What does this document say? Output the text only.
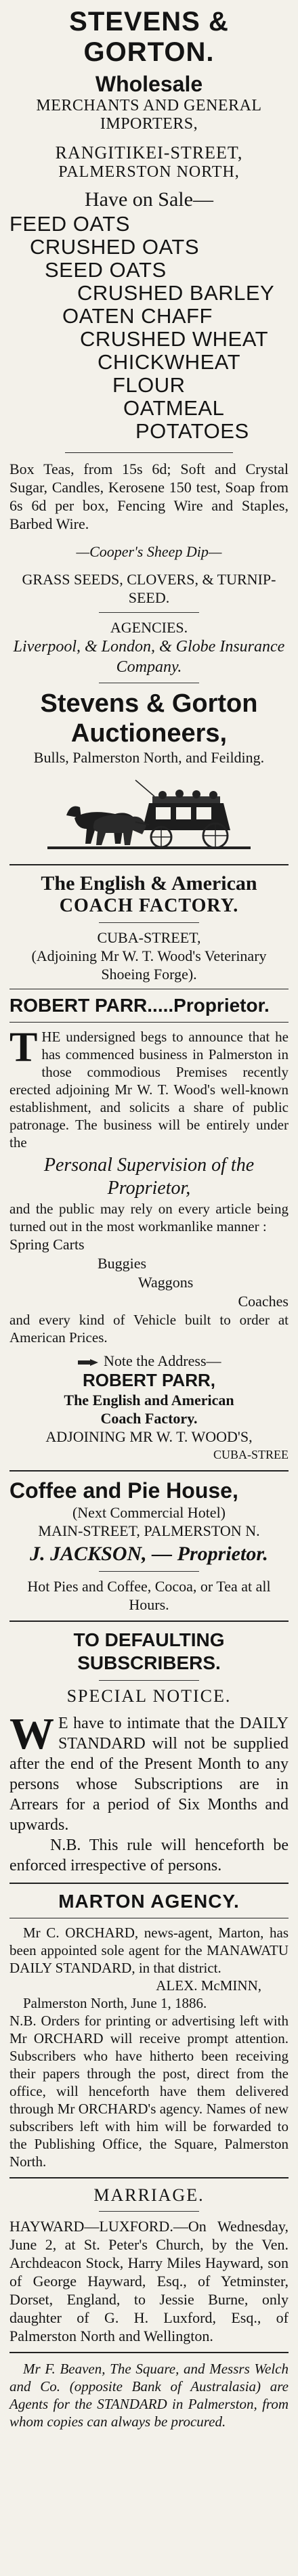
STEVENS & GORTON.
Wholesale
MERCHANTS AND GENERAL
IMPORTERS,
RANGITIKEI-STREET,
PALMERSTON NORTH,
Have on Sale—
FEED OATS
CRUSHED OATS
SEED OATS
CRUSHED BARLEY
OATEN CHAFF
CRUSHED WHEAT
CHICKWHEAT
FLOUR
OATMEAL
POTATOES
Box Teas, from 15s 6d; Soft and Crystal Sugar, Candles, Kerosene 150 test, Soap from 6s 6d per box, Fencing Wire and Staples, Barbed Wire.
—Cooper's Sheep Dip—
GRASS SEEDS, CLOVERS, & TURNIP-SEED.
AGENCIES.
Liverpool, & London, & Globe Insurance Company.
Stevens & Gorton
Auctioneers,
Bulls, Palmerston North, and Feilding.
The English & American
COACH FACTORY.
CUBA-STREET,
(Adjoining Mr W. T. Wood's Veterinary Shoeing Forge).
ROBERT PARR.....Proprietor.
T HE undersigned begs to announce that he has commenced business in Palmerston in those commodious Premises recently erected adjoining Mr W. T. Wood's well-known establishment, and solicits a share of public patronage. The business will be entirely under the
Personal Supervision of the
Proprietor,
and the public may rely on every article being turned out in the most workmanlike manner :
Spring Carts
Buggies
Waggons
Coaches
and every kind of Vehicle built to order at American Prices.
Note the Address—
ROBERT PARR,
The English and American
Coach Factory.
ADJOINING MR W. T. WOOD'S,
CUBA-STREE
Coffee and Pie House,
(Next Commercial Hotel)
MAIN-STREET, PALMERSTON N.
J. JACKSON, — Proprietor.
Hot Pies and Coffee, Cocoa, or Tea at all Hours.
TO DEFAULTING SUBSCRIBERS.
SPECIAL NOTICE.
W E have to intimate that the DAILY STANDARD will not be supplied after the end of the Present Month to any persons whose Subscriptions are in Arrears for a period of Six Months and upwards.
N.B. This rule will henceforth be enforced irrespective of persons.
MARTON AGENCY.
Mr C. ORCHARD, news-agent, Marton, has been appointed sole agent for the MANAWATU DAILY STANDARD, in that district.
ALEX. McMINN,
Palmerston North, June 1, 1886.
N.B. Orders for printing or advertising left with Mr ORCHARD will receive prompt attention. Subscribers who have hitherto been receiving their papers through the post, direct from the office, will henceforth have them delivered through Mr ORCHARD's agency. Names of new subscribers left with him will be forwarded to the Publishing Office, the Square, Palmerston North.
MARRIAGE.
HAYWARD—LUXFORD.—On Wednesday, June 2, at St. Peter's Church, by the Ven. Archdeacon Stock, Harry Miles Hayward, son of George Hayward, Esq., of Yetminster, Dorset, England, to Jessie Burne, only daughter of G. H. Luxford, Esq., of Palmerston North and Wellington.
Mr F. Beaven, The Square, and Messrs Welch and Co. (opposite Bank of Australasia) are Agents for the STANDARD in Palmerston, from whom copies can always be procured.
